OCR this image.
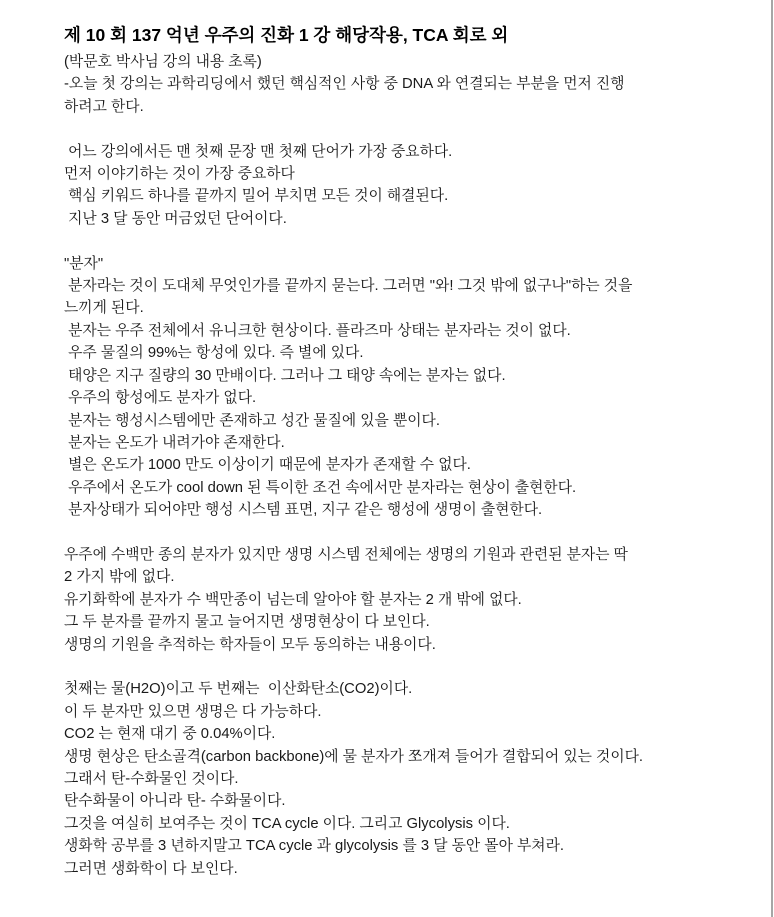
제 10 회 137 억년 우주의 진화 1 강 해당작용, TCA 회로 외
(박문호 박사님 강의 내용 초록)
-오늘 첫 강의는 과학리딩에서 했던 핵심적인 사항 중 DNA 와 연결되는 부분을 먼저 진행
하려고 한다.

어느 강의에서든 맨 첫째 문장 맨 첫째 단어가 가장 중요하다.
먼저 이야기하는 것이 가장 중요하다
핵심 키워드 하나를 끝까지 밀어 부치면 모든 것이 해결된다.
지난 3 달 동안 머금었던 단어이다.

"분자"
분자라는 것이 도대체 무엇인가를 끝까지 묻는다. 그러면 "와! 그것 밖에 없구나"하는 것을
느끼게 된다.
분자는 우주 전체에서 유니크한 현상이다. 플라즈마 상태는 분자라는 것이 없다.
우주 물질의 99%는 항성에 있다. 즉 별에 있다.
태양은 지구 질량의 30 만배이다. 그러나 그 태양 속에는 분자는 없다.
우주의 항성에도 분자가 없다.
분자는 행성시스템에만 존재하고 성간 물질에 있을 뿐이다.
분자는 온도가 내려가야 존재한다.
별은 온도가 1000 만도 이상이기 때문에 분자가 존재할 수 없다.
우주에서 온도가 cool down 된 특이한 조건 속에서만 분자라는 현상이 출현한다.
분자상태가 되어야만 행성 시스템 표면, 지구 같은 행성에 생명이 출현한다.

우주에 수백만 종의 분자가 있지만 생명 시스템 전체에는 생명의 기원과 관련된 분자는 딱
2 가지 밖에 없다.
유기화학에 분자가 수 백만종이 넘는데 알아야 할 분자는 2 개 밖에 없다.
그 두 분자를 끝까지 물고 늘어지면 생명현상이 다 보인다.
생명의 기원을 추적하는 학자들이 모두 동의하는 내용이다.

첫째는 물(H2O)이고 두 번째는  이산화탄소(CO2)이다.
이 두 분자만 있으면 생명은 다 가능하다.
CO2 는 현재 대기 중 0.04%이다.
생명 현상은 탄소골격(carbon backbone)에 물 분자가 쪼개져 들어가 결합되어 있는 것이다.
그래서 탄-수화물인 것이다.
탄수화물이 아니라 탄- 수화물이다.
그것을 여실히 보여주는 것이 TCA cycle 이다. 그리고 Glycolysis 이다.
생화학 공부를 3 년하지말고 TCA cycle 과 glycolysis 를 3 달 동안 몰아 부쳐라.
그러면 생화학이 다 보인다.
